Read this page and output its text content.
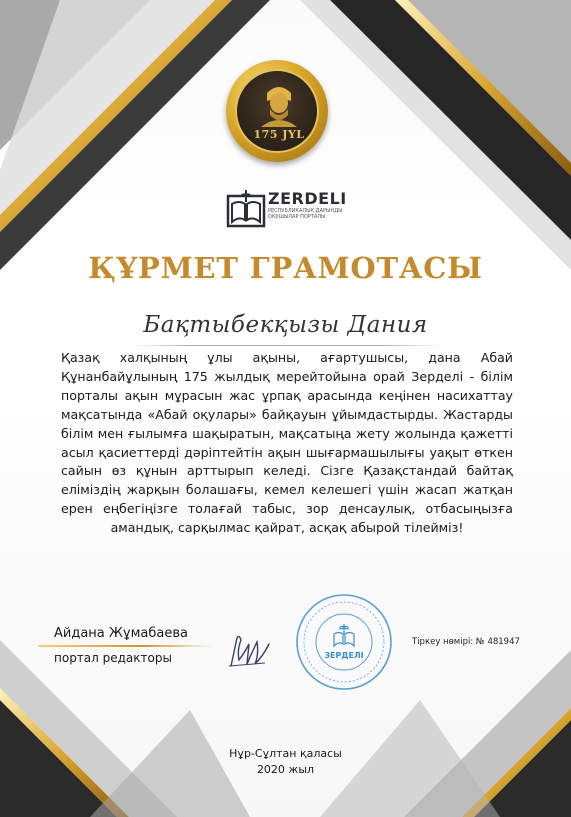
175 JYL
ZERDELI
РЕСПУБЛИКАЛЫҚ ДАРЫНДЫ ОҚУШЫЛАР ПОРТАЛЫ
ҚҰРМЕТ ГРАМОТАСЫ
Бақтыбекқызы Дания
Қазақ халқының ұлы ақыны, ағартушысы, дана Абай Құнанбайұлының 175 жылдық мерейтойына орай Зерделі - білім порталы ақын мұрасын жас ұрпақ арасында кеңінен насихаттау мақсатында «Абай оқулары» байқауын ұйымдастырды. Жастарды білім мен ғылымға шақыратын, мақсатыңа жету жолында қажетті асыл қасиеттерді дәріптейтін ақын шығармашылығы уақыт өткен сайын өз құнын арттырып келеді. Сізге Қазақстандай байтақ еліміздің жарқын болашағы, кемел келешегі үшін жасап жатқан ерен еңбегіңізге толағай табыс, зор денсаулық, отбасыңызға амандық, сарқылмас қайрат, асқақ абырой тілейміз!
Айдана Жұмабаева
портал редакторы	ЗЕРДЕЛІ
Тіркеу нөмірі: № 481947
Нұр-Сұлтан қаласы
2020 жыл
